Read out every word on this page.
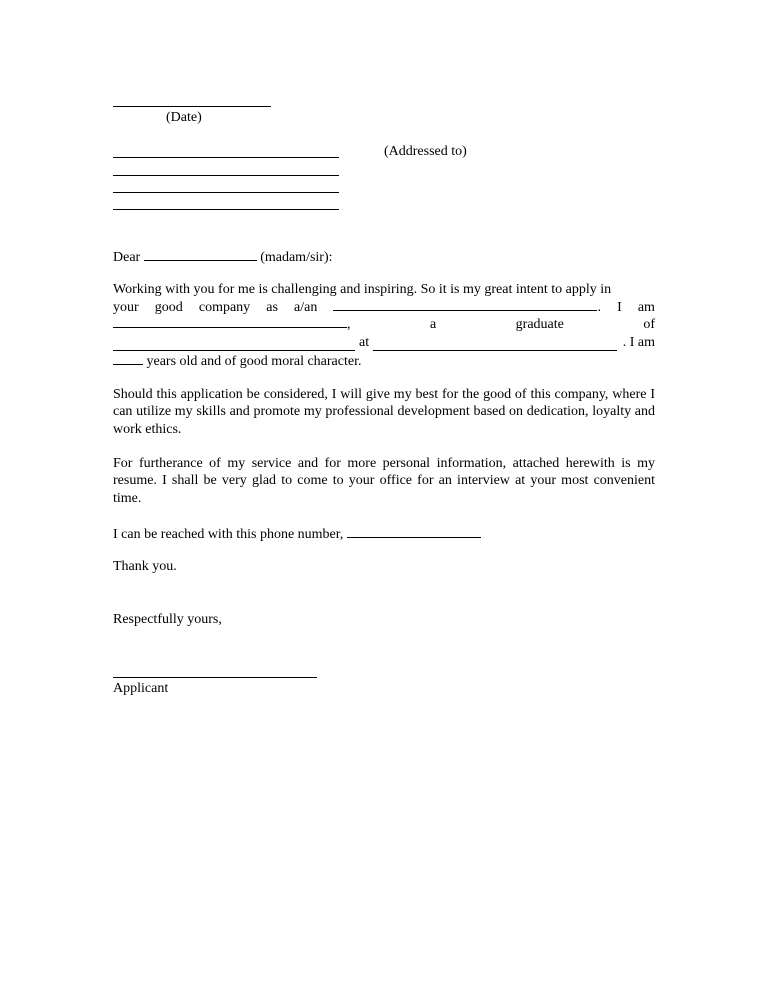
(Date)
(Addressed to)
Dear	(madam/sir):
Working with you for me is challenging and inspiring. So it is my great intent to apply in
your good company as a/an	. I am
,	a	graduate	of
at	. I am
years old and of good moral character.
Should this application be considered, I will give my best for the good of this company, where I can utilize my skills and promote my professional development based on dedication, loyalty and work ethics.
For furtherance of my service and for more personal information, attached herewith is my resume. I shall be very glad to come to your office for an interview at your most convenient time.
I can be reached with this phone number,
Thank you.
Respectfully yours,
Applicant
